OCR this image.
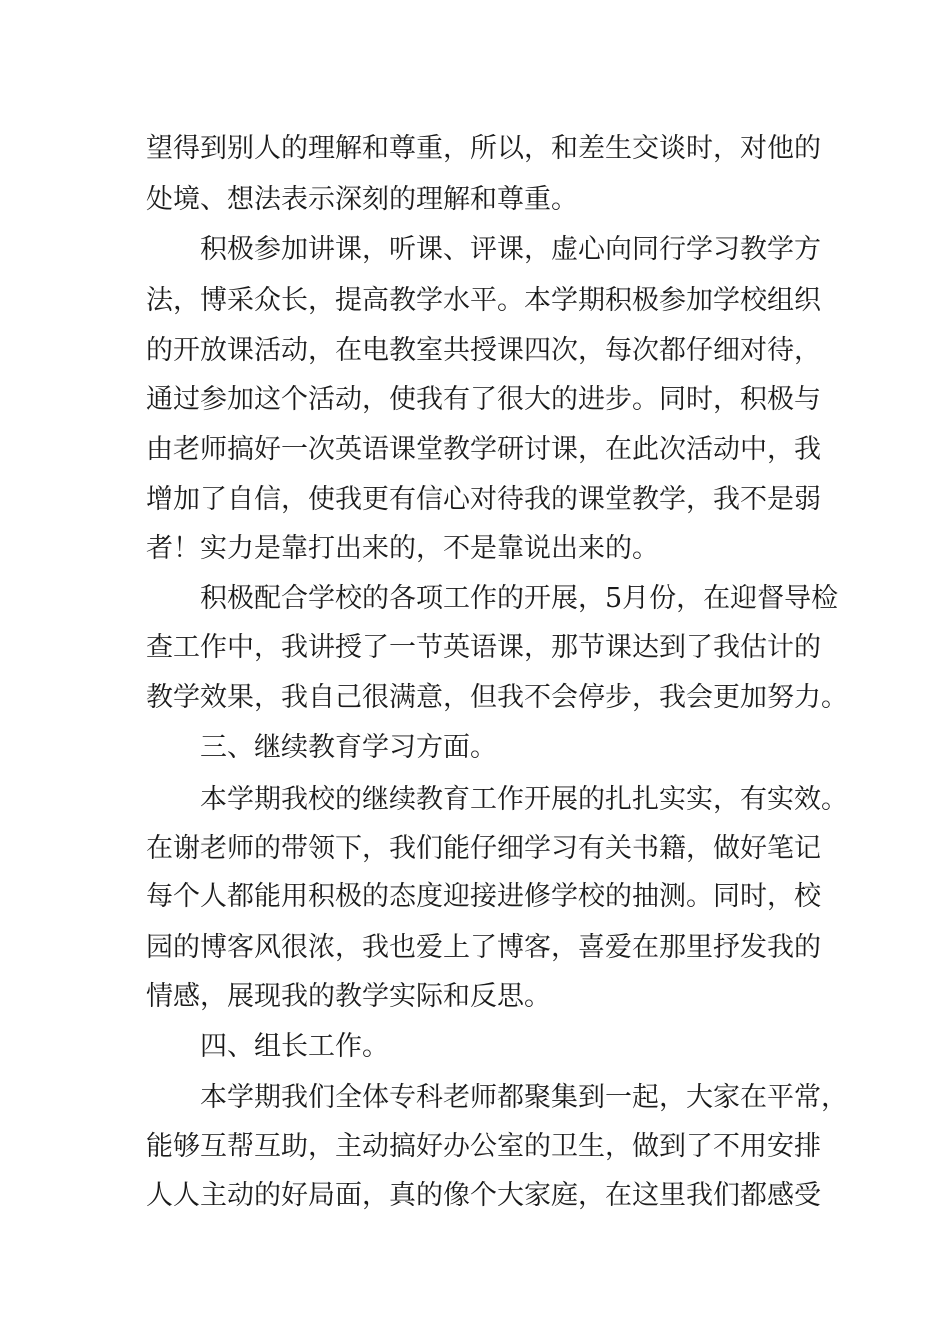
望得到别人的理解和尊重，所以，和差生交谈时，对他的
处境、想法表示深刻的理解和尊重。
积极参加讲课，听课、评课，虚心向同行学习教学方
法，博采众长，提高教学水平。本学期积极参加学校组织
的开放课活动，在电教室共授课四次，每次都仔细对待，
通过参加这个活动，使我有了很大的进步。同时，积极与
由老师搞好一次英语课堂教学研讨课，在此次活动中，我
增加了自信，使我更有信心对待我的课堂教学，我不是弱
者！实力是靠打出来的，不是靠说出来的。
积极配合学校的各项工作的开展，5月份，在迎督导检
查工作中，我讲授了一节英语课，那节课达到了我估计的
教学效果，我自己很满意，但我不会停步，我会更加努力。
三、继续教育学习方面。
本学期我校的继续教育工作开展的扎扎实实，有实效。
在谢老师的带领下，我们能仔细学习有关书籍，做好笔记
每个人都能用积极的态度迎接进修学校的抽测。同时，校
园的博客风很浓，我也爱上了博客，喜爱在那里抒发我的
情感，展现我的教学实际和反思。
四、组长工作。
本学期我们全体专科老师都聚集到一起，大家在平常，
能够互帮互助，主动搞好办公室的卫生，做到了不用安排
人人主动的好局面，真的像个大家庭，在这里我们都感受
